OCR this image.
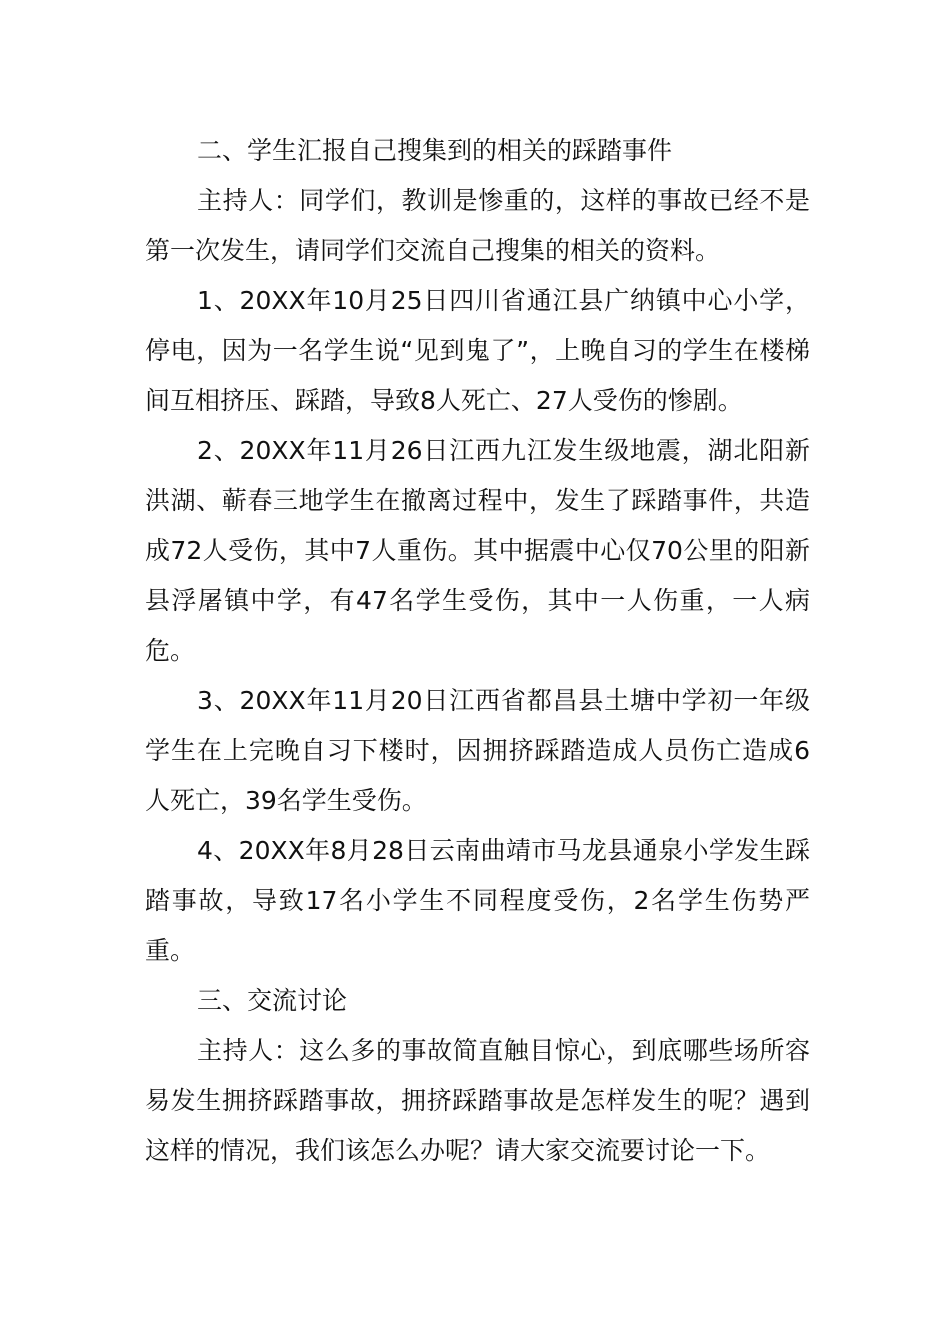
二、学生汇报自己搜集到的相关的踩踏事件

主持人：同学们，教训是惨重的，这样的事故已经不是第一次发生，请同学们交流自己搜集的相关的资料。

1、20XX年10月25日四川省通江县广纳镇中心小学，停电，因为一名学生说“见到鬼了”，上晚自习的学生在楼梯间互相挤压、踩踏，导致8人死亡、27人受伤的惨剧。

2、20XX年11月26日江西九江发生级地震，湖北阳新洪湖、蕲春三地学生在撤离过程中，发生了踩踏事件，共造成72人受伤，其中7人重伤。其中据震中心仅70公里的阳新县浮屠镇中学，有47名学生受伤，其中一人伤重，一人病危。

3、20XX年11月20日江西省都昌县土塘中学初一年级学生在上完晚自习下楼时，因拥挤踩踏造成人员伤亡造成6人死亡，39名学生受伤。

4、20XX年8月28日云南曲靖市马龙县通泉小学发生踩踏事故，导致17名小学生不同程度受伤，2名学生伤势严重。

三、交流讨论

主持人：这么多的事故简直触目惊心，到底哪些场所容易发生拥挤踩踏事故，拥挤踩踏事故是怎样发生的呢？遇到这样的情况，我们该怎么办呢？请大家交流要讨论一下。
